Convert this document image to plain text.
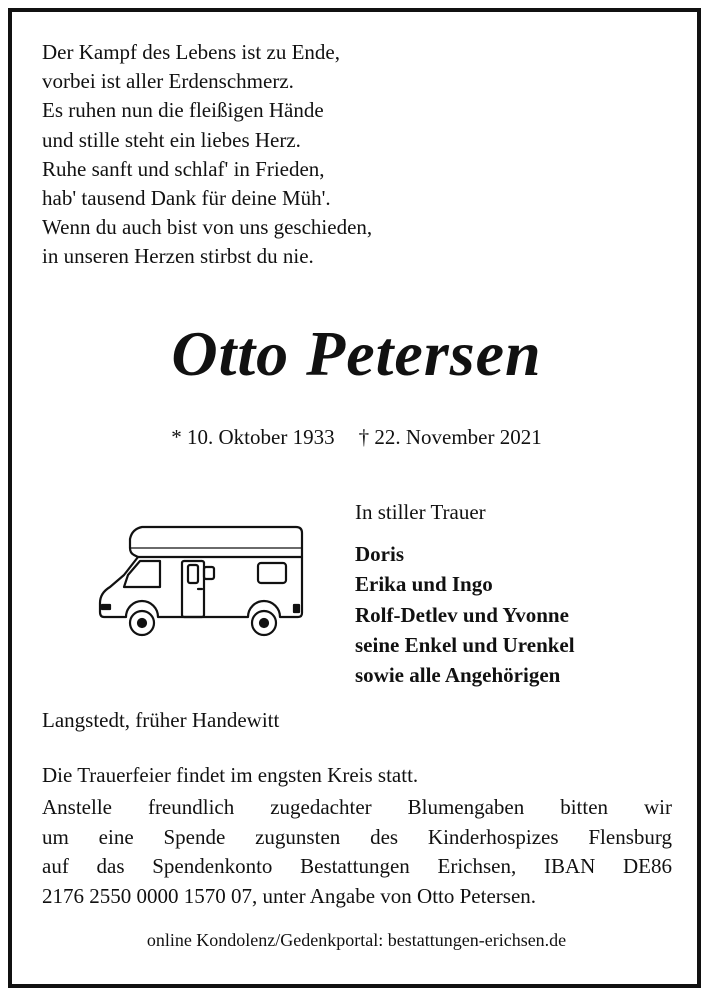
Der Kampf des Lebens ist zu Ende,
vorbei ist aller Erdenschmerz.
Es ruhen nun die fleißigen Hände
und stille steht ein liebes Herz.
Ruhe sanft und schlaf' in Frieden,
hab' tausend Dank für deine Müh'.
Wenn du auch bist von uns geschieden,
in unseren Herzen stirbst du nie.
Otto Petersen
* 10. Oktober 1933 † 22. November 2021
In stiller Trauer
Doris
Erika und Ingo
Rolf-Detlev und Yvonne
seine Enkel und Urenkel
sowie alle Angehörigen
Langstedt, früher Handewitt
Die Trauerfeier findet im engsten Kreis statt.
Anstelle freundlich zugedachter Blumengaben bitten wir
um eine Spende zugunsten des Kinderhospizes Flensburg
auf das Spendenkonto Bestattungen Erichsen, IBAN DE86
2176 2550 0000 1570 07, unter Angabe von Otto Petersen.
online Kondolenz/Gedenkportal: bestattungen-erichsen.de
